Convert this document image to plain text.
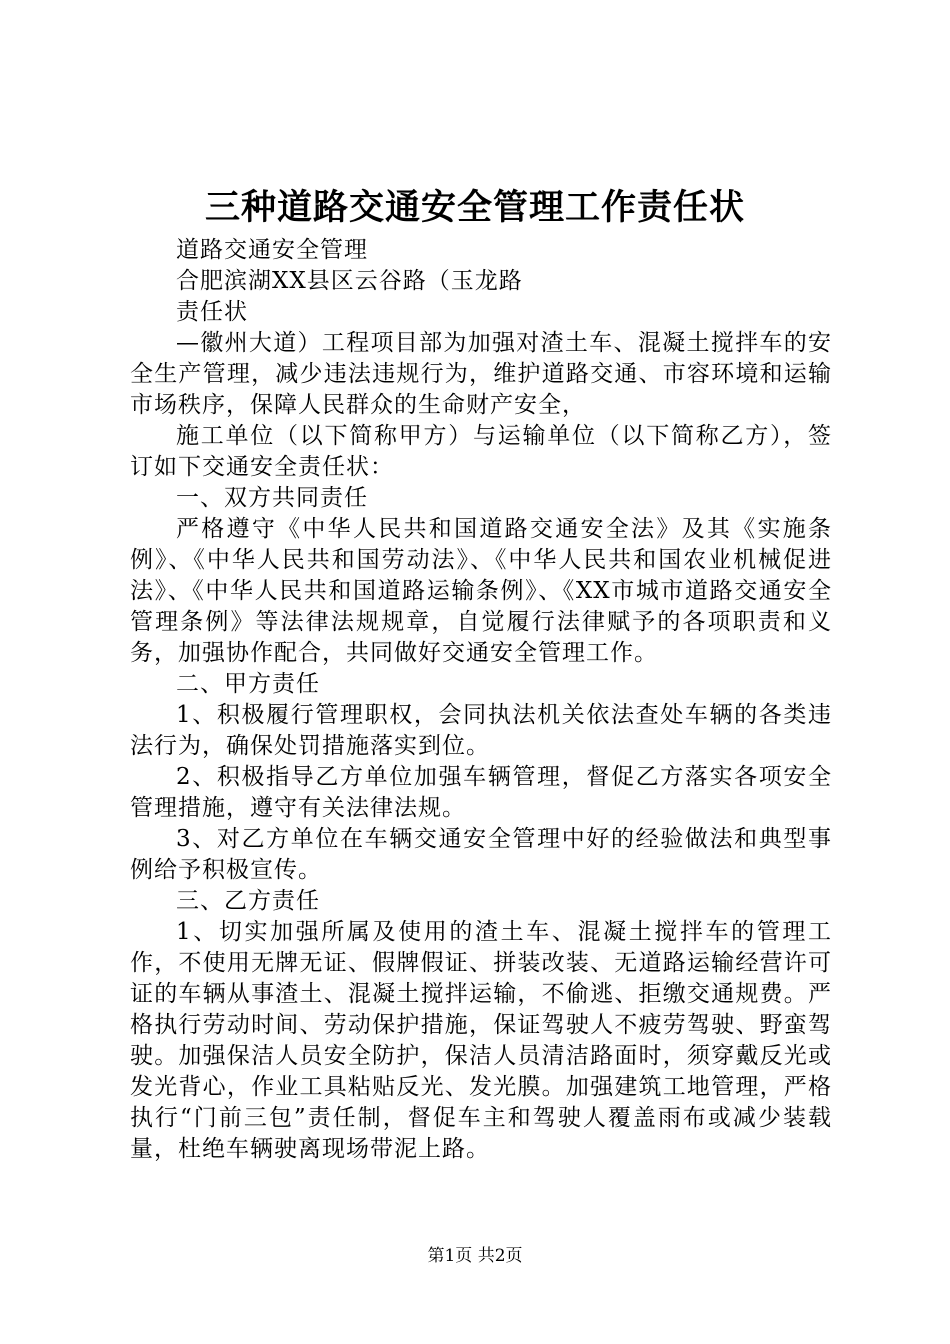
三种道路交通安全管理工作责任状

道路交通安全管理

合肥滨湖XX县区云谷路（玉龙路

责任状

—徽州大道）工程项目部为加强对渣土车、混凝土搅拌车的安全生产管理，减少违法违规行为，维护道路交通、市容环境和运输市场秩序，保障人民群众的生命财产安全，

施工单位（以下简称甲方）与运输单位（以下简称乙方），签订如下交通安全责任状：

一、双方共同责任

严格遵守《中华人民共和国道路交通安全法》及其《实施条例》、《中华人民共和国劳动法》、《中华人民共和国农业机械促进法》、《中华人民共和国道路运输条例》、《XX市城市道路交通安全管理条例》等法律法规规章，自觉履行法律赋予的各项职责和义务，加强协作配合，共同做好交通安全管理工作。

二、甲方责任

1、积极履行管理职权，会同执法机关依法查处车辆的各类违法行为，确保处罚措施落实到位。

2、积极指导乙方单位加强车辆管理，督促乙方落实各项安全管理措施，遵守有关法律法规。

3、对乙方单位在车辆交通安全管理中好的经验做法和典型事例给予积极宣传。

三、乙方责任

1、切实加强所属及使用的渣土车、混凝土搅拌车的管理工作，不使用无牌无证、假牌假证、拼装改装、无道路运输经营许可证的车辆从事渣土、混凝土搅拌运输，不偷逃、拒缴交通规费。严格执行劳动时间、劳动保护措施，保证驾驶人不疲劳驾驶、野蛮驾驶。加强保洁人员安全防护，保洁人员清洁路面时，须穿戴反光或发光背心，作业工具粘贴反光、发光膜。加强建筑工地管理，严格执行“门前三包”责任制，督促车主和驾驶人覆盖雨布或减少装载量，杜绝车辆驶离现场带泥上路。

第1页 共2页
